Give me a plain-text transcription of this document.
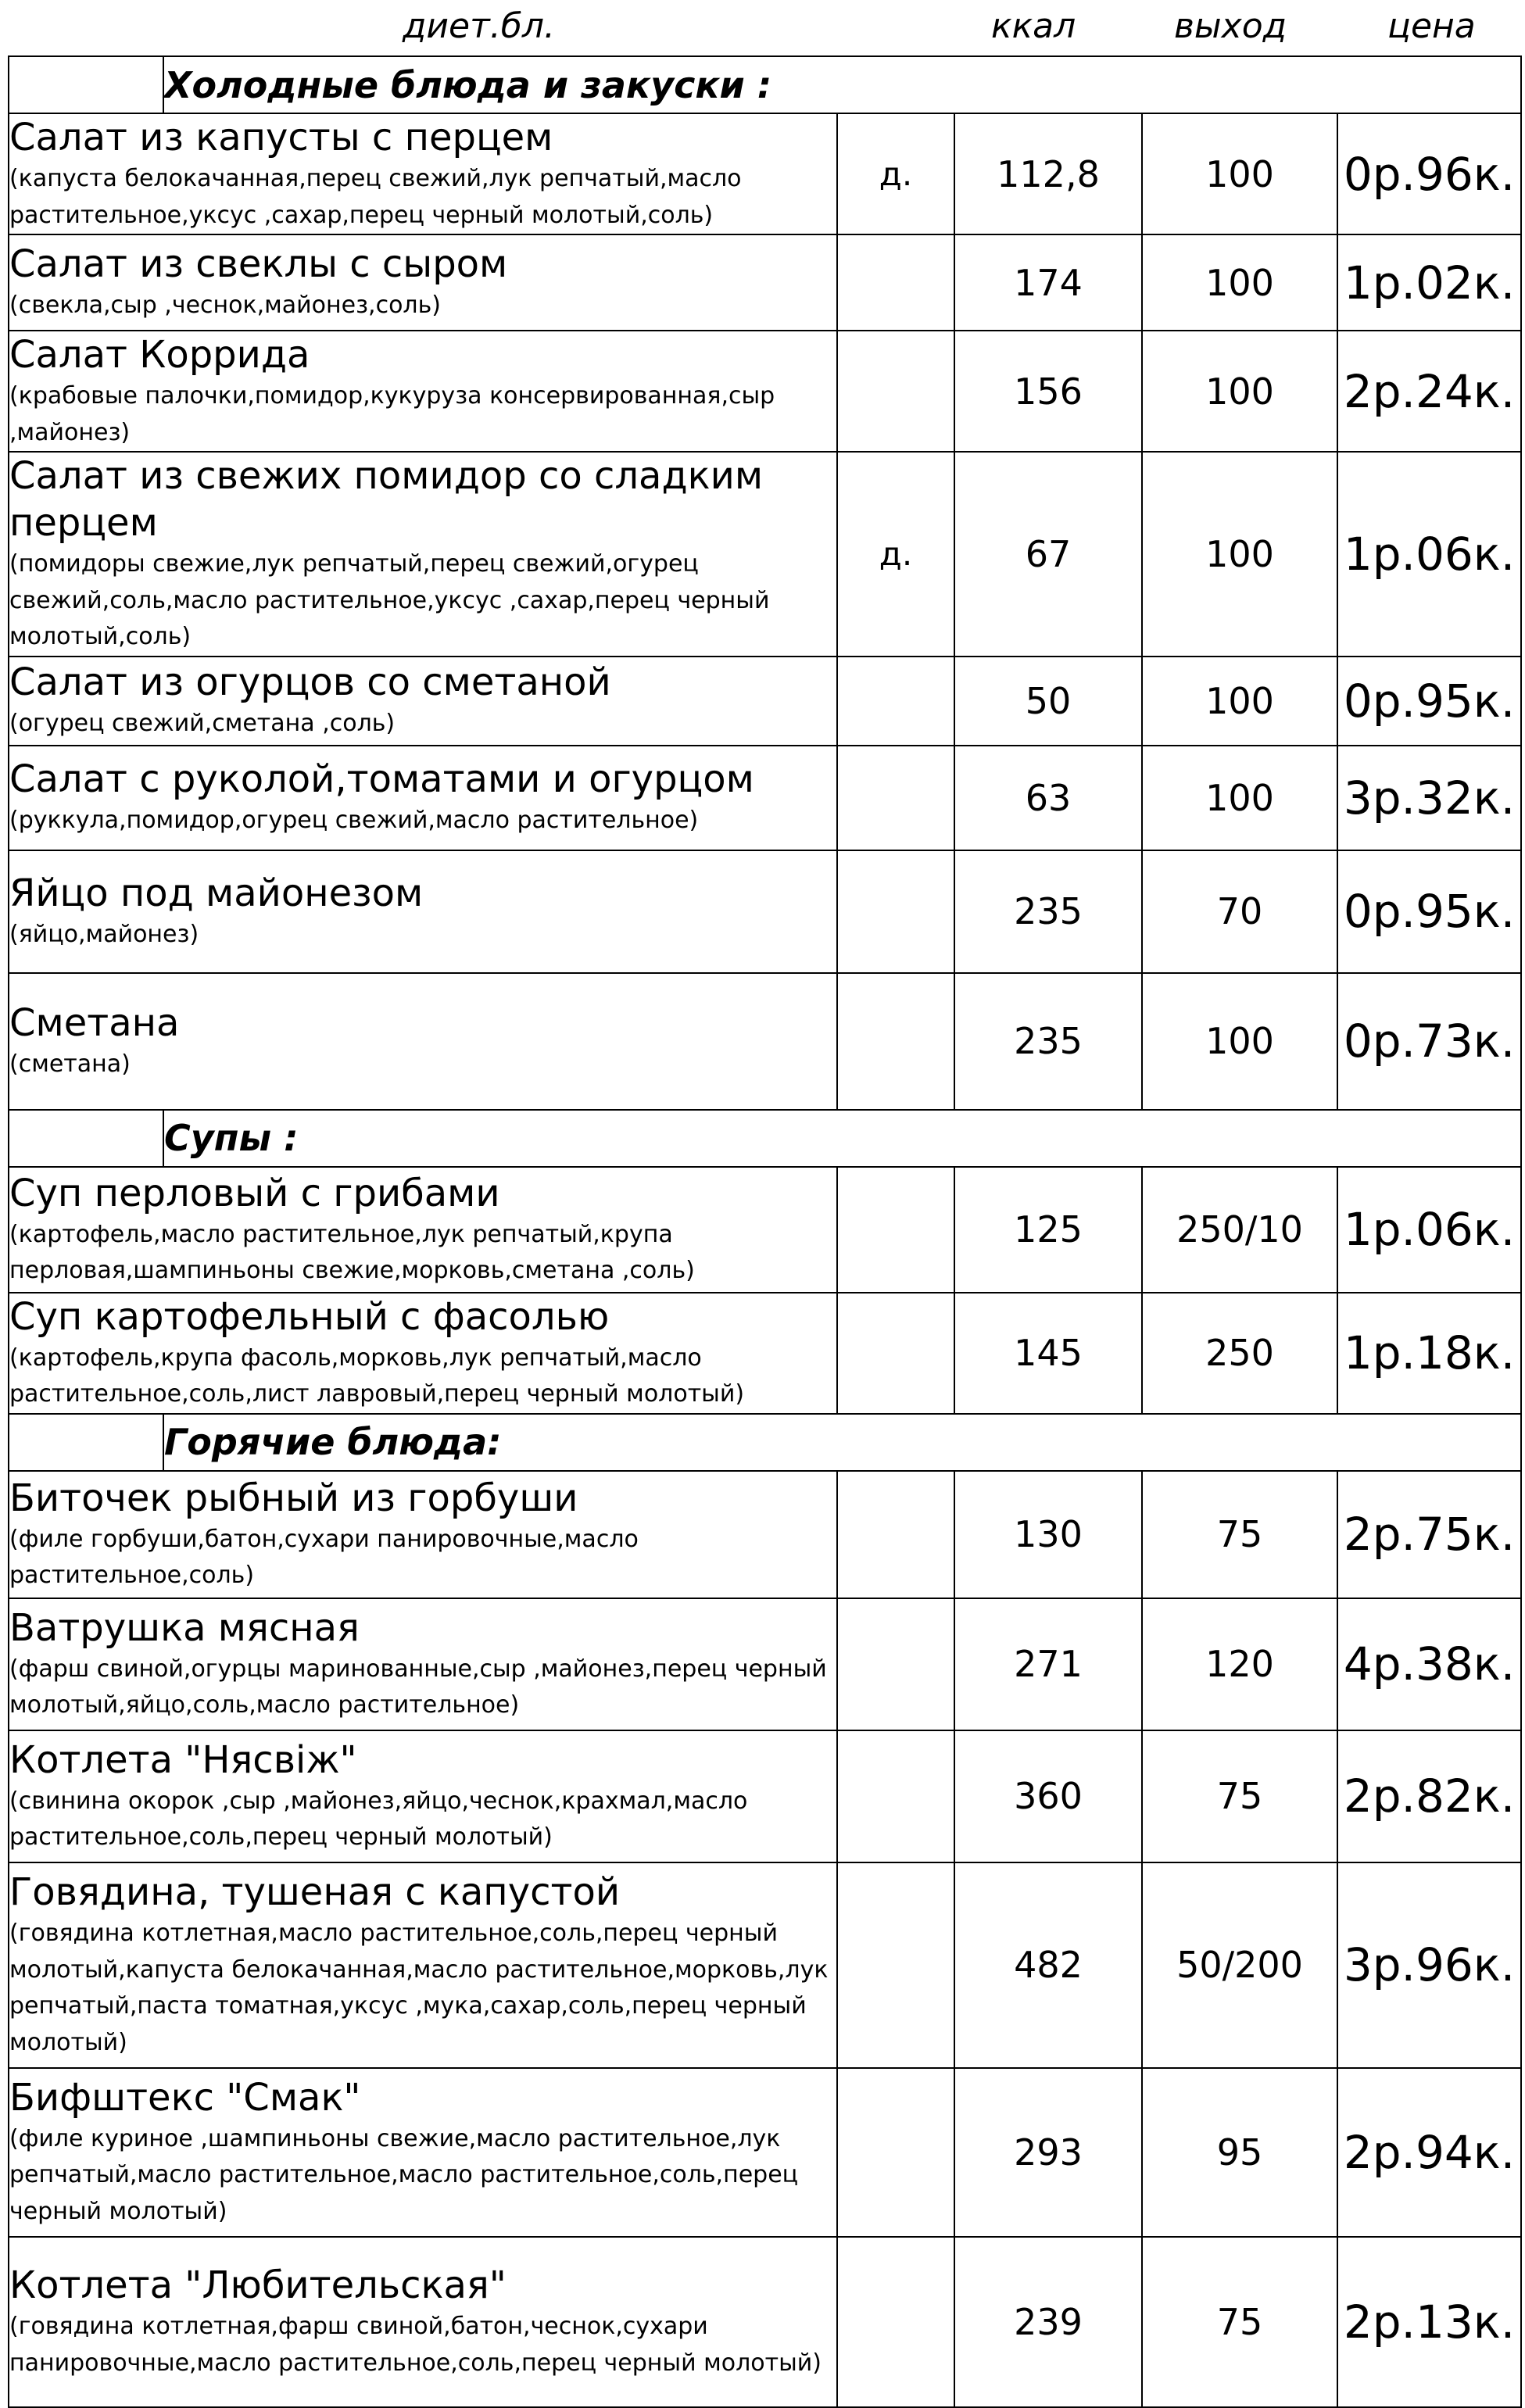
диет.бл.	ккал	выход	цена
	Холодные блюда и закуски :				

Салат из капусты с перцем
(капуста белокачанная,перец свежий,лук репчатый,масло растительное,уксус ,сахар,перец черный молотый,соль)		д.	112,8	100	0р.96к.

Салат из свеклы с сыром
(свекла,сыр ,чеснок,майонез,соль)			174	100	1р.02к.

Салат Коррида
(крабовые палочки,помидор,кукуруза консервированная,сыр ,майонез)			156	100	2р.24к.

Салат из свежих помидор со сладким перцем
(помидоры свежие,лук репчатый,перец свежий,огурец свежий,соль,масло растительное,уксус ,сахар,перец черный молотый,соль)		д.	67	100	1р.06к.

Салат из огурцов со сметаной
(огурец свежий,сметана ,соль)			50	100	0р.95к.

Салат с руколой,томатами и огурцом
(руккула,помидор,огурец свежий,масло растительное)			63	100	3р.32к.

Яйцо под майонезом
(яйцо,майонез)			235	70	0р.95к.

Сметана
(сметана)			235	100	0р.73к.
	Супы :				

Суп перловый с грибами
(картофель,масло растительное,лук репчатый,крупа перловая,шампиньоны свежие,морковь,сметана ,соль)			125	250/10	1р.06к.

Суп картофельный с фасолью
(картофель,крупа фасоль,морковь,лук репчатый,масло растительное,соль,лист лавровый,перец черный молотый)			145	250	1р.18к.
	Горячие блюда:				

Биточек рыбный из горбуши
(филе горбуши,батон,сухари панировочные,масло растительное,соль)			130	75	2р.75к.

Ватрушка мясная
(фарш свиной,огурцы маринованные,сыр ,майонез,перец черный молотый,яйцо,соль,масло растительное)			271	120	4р.38к.

Котлета "Нясвіж"
(свинина окорок ,сыр ,майонез,яйцо,чеснок,крахмал,масло растительное,соль,перец черный молотый)			360	75	2р.82к.

Говядина, тушеная с капустой
(говядина котлетная,масло растительное,соль,перец черный молотый,капуста белокачанная,масло растительное,морковь,лук репчатый,паста томатная,уксус ,мука,сахар,соль,перец черный молотый)			482	50/200	3р.96к.

Бифштекс "Смак"
(филе куриное ,шампиньоны свежие,масло растительное,лук репчатый,масло растительное,масло растительное,соль,перец черный молотый)			293	95	2р.94к.

Котлета "Любительская"
(говядина котлетная,фарш свиной,батон,чеснок,сухари панировочные,масло растительное,соль,перец черный молотый)			239	75	2р.13к.
